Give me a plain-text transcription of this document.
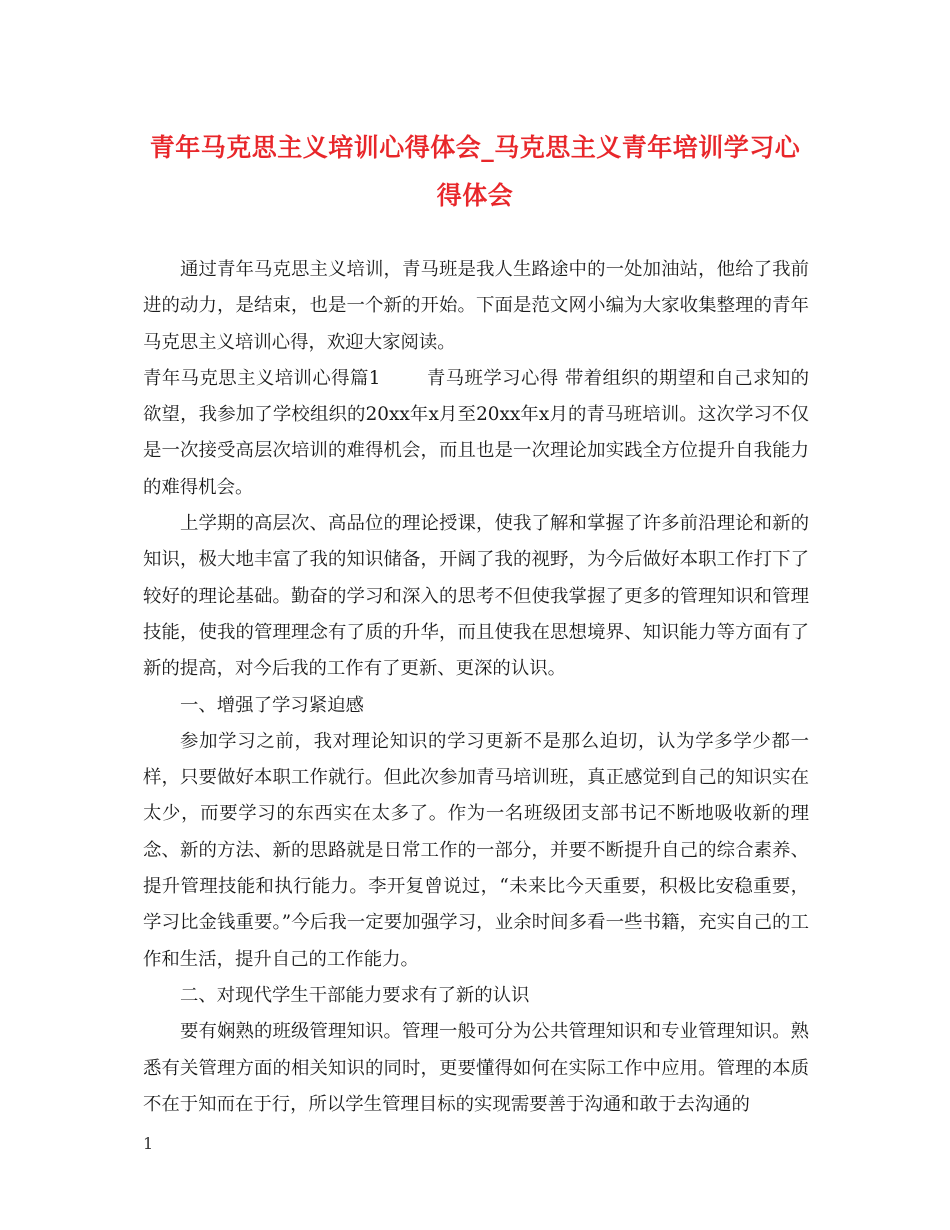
青年马克思主义培训心得体会_马克思主义青年培训学习心得体会

通过青年马克思主义培训，青马班是我人生路途中的一处加油站，他给了我前进的动力，是结束，也是一个新的开始。下面是范文网小编为大家收集整理的青年马克思主义培训心得，欢迎大家阅读。

青年马克思主义培训心得篇1	青马班学习心得 带着组织的期望和自己求知的欲望，我参加了学校组织的20xx年x月至20xx年x月的青马班培训。这次学习不仅是一次接受高层次培训的难得机会，而且也是一次理论加实践全方位提升自我能力的难得机会。

上学期的高层次、高品位的理论授课，使我了解和掌握了许多前沿理论和新的知识，极大地丰富了我的知识储备，开阔了我的视野，为今后做好本职工作打下了较好的理论基础。勤奋的学习和深入的思考不但使我掌握了更多的管理知识和管理技能，使我的管理理念有了质的升华，而且使我在思想境界、知识能力等方面有了新的提高，对今后我的工作有了更新、更深的认识。

一、增强了学习紧迫感

参加学习之前，我对理论知识的学习更新不是那么迫切，认为学多学少都一样，只要做好本职工作就行。但此次参加青马培训班，真正感觉到自己的知识实在太少，而要学习的东西实在太多了。作为一名班级团支部书记不断地吸收新的理念、新的方法、新的思路就是日常工作的一部分，并要不断提升自己的综合素养、提升管理技能和执行能力。李开复曾说过，“未来比今天重要，积极比安稳重要，学习比金钱重要。”今后我一定要加强学习，业余时间多看一些书籍，充实自己的工作和生活，提升自己的工作能力。

二、对现代学生干部能力要求有了新的认识

要有娴熟的班级管理知识。管理一般可分为公共管理知识和专业管理知识。熟悉有关管理方面的相关知识的同时，更要懂得如何在实际工作中应用。管理的本质不在于知而在于行，所以学生管理目标的实现需要善于沟通和敢于去沟通的

1
